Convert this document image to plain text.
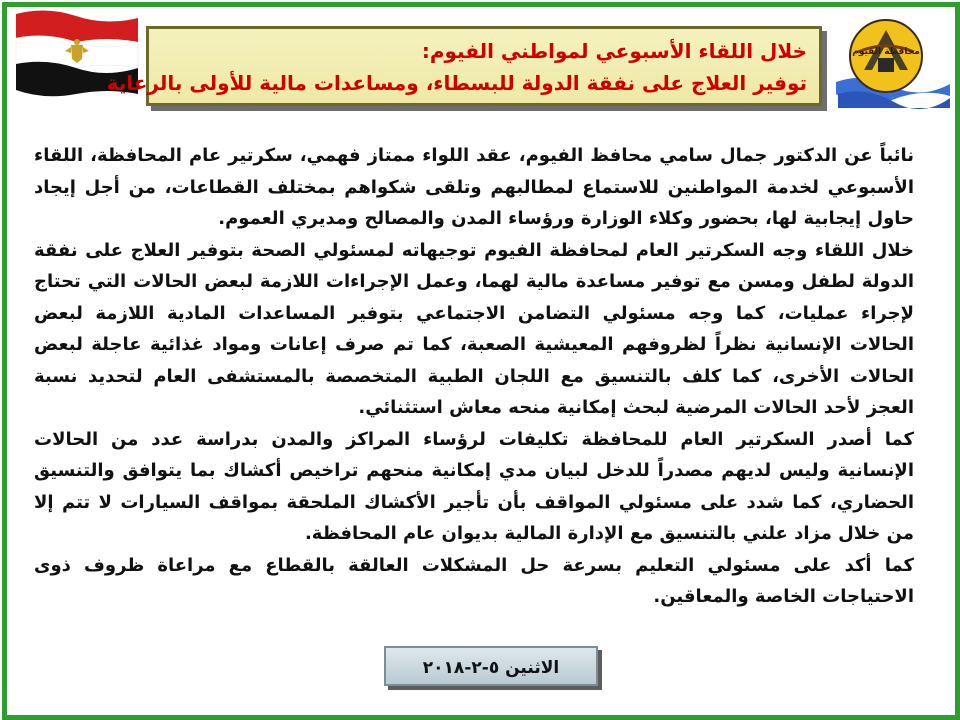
خلال اللقاء الأسبوعي لمواطني الفيوم:
توفير العلاج على نفقة الدولة للبسطاء، ومساعدات مالية للأولى بالرعاية
محافظة الفيوم

نائباً عن الدكتور جمال سامي محافظ الفيوم، عقد اللواء ممتاز فهمي، سكرتير عام المحافظة، اللقاء الأسبوعي لخدمة المواطنين للاستماع لمطالبهم وتلقى شكواهم بمختلف القطاعات، من أجل إيجاد حاول إيجابية لها، بحضور وكلاء الوزارة ورؤساء المدن والمصالح ومديري العموم.

خلال اللقاء وجه السكرتير العام لمحافظة الفيوم توجيهاته لمسئولي الصحة بتوفير العلاج على نفقة الدولة لطفل ومسن مع توفير مساعدة مالية لهما، وعمل الإجراءات اللازمة لبعض الحالات التي تحتاج لإجراء عمليات، كما وجه مسئولي التضامن الاجتماعي بتوفير المساعدات المادية اللازمة لبعض الحالات الإنسانية نظراً لظروفهم المعيشية الصعبة، كما تم صرف إعانات ومواد غذائية عاجلة لبعض الحالات الأخرى، كما كلف بالتنسيق مع اللجان الطبية المتخصصة بالمستشفى العام لتحديد نسبة العجز لأحد الحالات المرضية لبحث إمكانية منحه معاش استثنائي.

كما أصدر السكرتير العام للمحافظة تكليفات لرؤساء المراكز والمدن بدراسة عدد من الحالات الإنسانية وليس لديهم مصدراً للدخل لبيان مدي إمكانية منحهم تراخيص أكشاك بما يتوافق والتنسيق الحضاري، كما شدد على مسئولي المواقف بأن تأجير الأكشاك الملحقة بمواقف السيارات لا تتم إلا من خلال مزاد علني بالتنسيق مع الإدارة المالية بديوان عام المحافظة.

كما أكد على مسئولي التعليم بسرعة حل المشكلات العالقة بالقطاع مع مراعاة ظروف ذوى الاحتياجات الخاصة والمعاقين.

الاثنين ٥-٢-٢٠١٨
